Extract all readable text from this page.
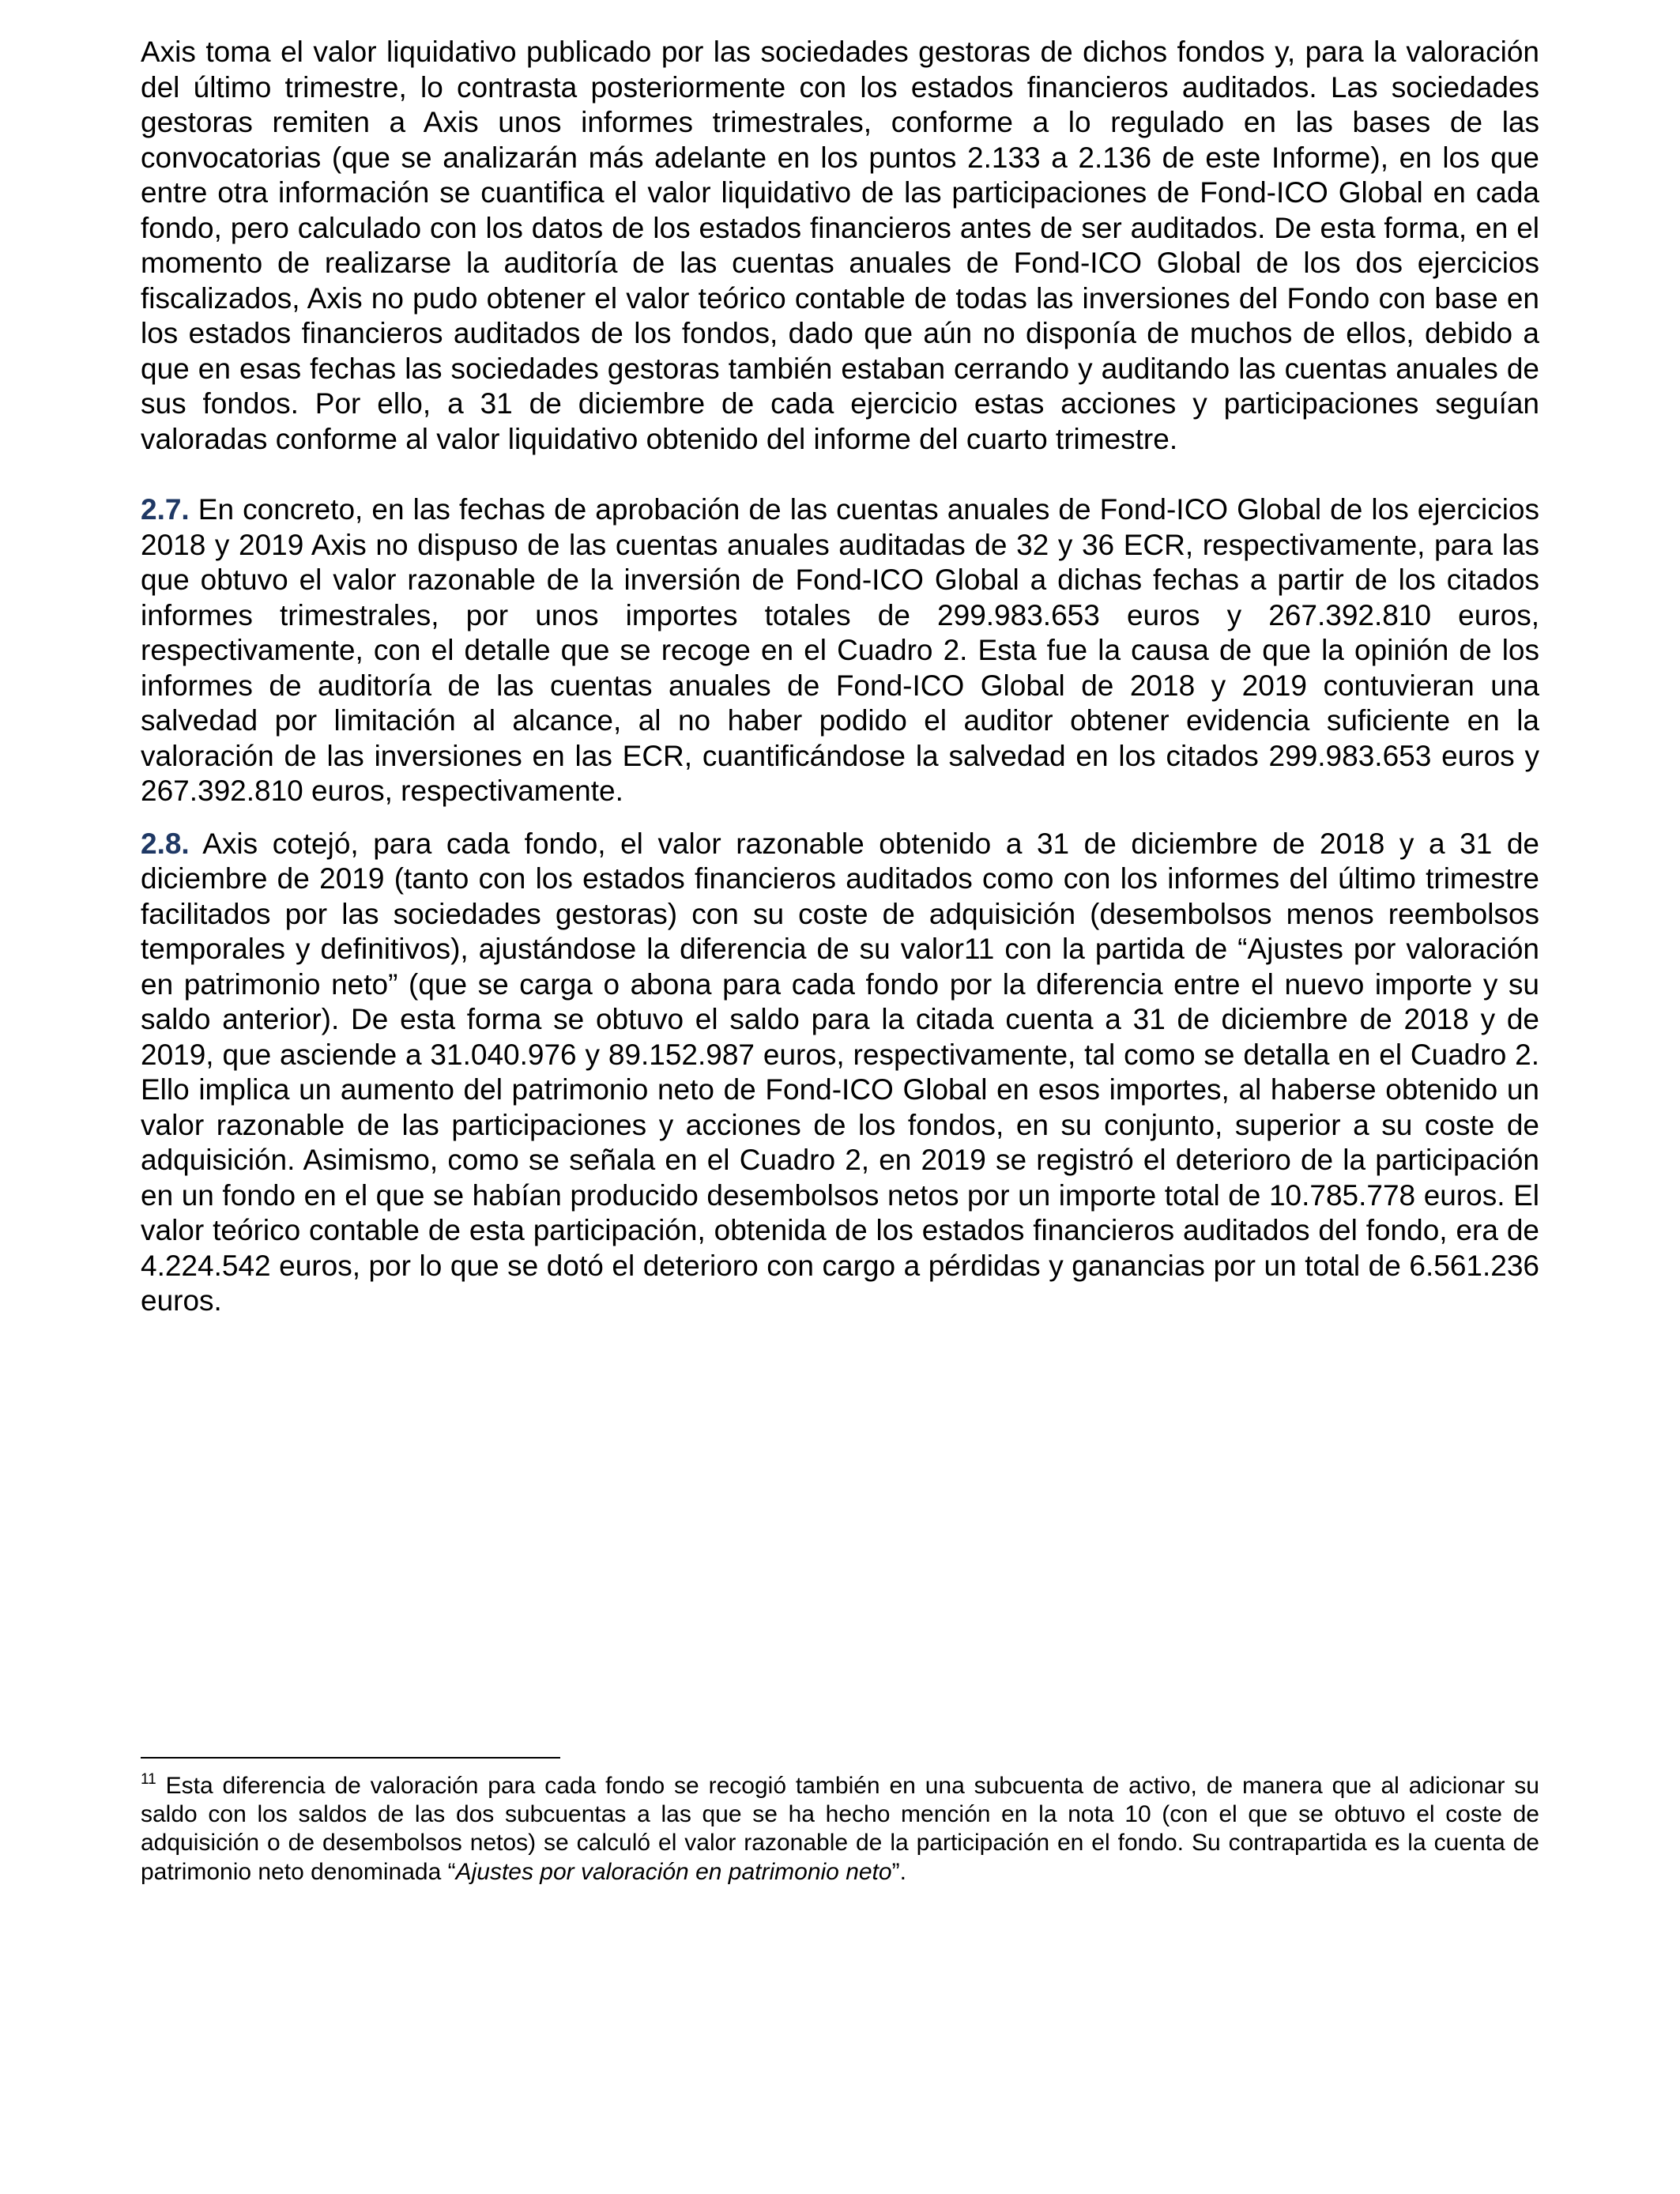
Axis toma el valor liquidativo publicado por las sociedades gestoras de dichos fondos y, para la valoración del último trimestre, lo contrasta posteriormente con los estados financieros auditados. Las sociedades gestoras remiten a Axis unos informes trimestrales, conforme a lo regulado en las bases de las convocatorias (que se analizarán más adelante en los puntos 2.133 a 2.136 de este Informe), en los que entre otra información se cuantifica el valor liquidativo de las participaciones de Fond-ICO Global en cada fondo, pero calculado con los datos de los estados financieros antes de ser auditados. De esta forma, en el momento de realizarse la auditoría de las cuentas anuales de Fond-ICO Global de los dos ejercicios fiscalizados, Axis no pudo obtener el valor teórico contable de todas las inversiones del Fondo con base en los estados financieros auditados de los fondos, dado que aún no disponía de muchos de ellos, debido a que en esas fechas las sociedades gestoras también estaban cerrando y auditando las cuentas anuales de sus fondos. Por ello, a 31 de diciembre de cada ejercicio estas acciones y participaciones seguían valoradas conforme al valor liquidativo obtenido del informe del cuarto trimestre.

2.7. En concreto, en las fechas de aprobación de las cuentas anuales de Fond-ICO Global de los ejercicios 2018 y 2019 Axis no dispuso de las cuentas anuales auditadas de 32 y 36 ECR, respectivamente, para las que obtuvo el valor razonable de la inversión de Fond-ICO Global a dichas fechas a partir de los citados informes trimestrales, por unos importes totales de 299.983.653 euros y 267.392.810 euros, respectivamente, con el detalle que se recoge en el Cuadro 2. Esta fue la causa de que la opinión de los informes de auditoría de las cuentas anuales de Fond-ICO Global de 2018 y 2019 contuvieran una salvedad por limitación al alcance, al no haber podido el auditor obtener evidencia suficiente en la valoración de las inversiones en las ECR, cuantificándose la salvedad en los citados 299.983.653 euros y 267.392.810 euros, respectivamente.

2.8. Axis cotejó, para cada fondo, el valor razonable obtenido a 31 de diciembre de 2018 y a 31 de diciembre de 2019 (tanto con los estados financieros auditados como con los informes del último trimestre facilitados por las sociedades gestoras) con su coste de adquisición (desembolsos menos reembolsos temporales y definitivos), ajustándose la diferencia de su valor11 con la partida de “Ajustes por valoración en patrimonio neto” (que se carga o abona para cada fondo por la diferencia entre el nuevo importe y su saldo anterior). De esta forma se obtuvo el saldo para la citada cuenta a 31 de diciembre de 2018 y de 2019, que asciende a 31.040.976 y 89.152.987 euros, respectivamente, tal como se detalla en el Cuadro 2. Ello implica un aumento del patrimonio neto de Fond-ICO Global en esos importes, al haberse obtenido un valor razonable de las participaciones y acciones de los fondos, en su conjunto, superior a su coste de adquisición. Asimismo, como se señala en el Cuadro 2, en 2019 se registró el deterioro de la participación en un fondo en el que se habían producido desembolsos netos por un importe total de 10.785.778 euros. El valor teórico contable de esta participación, obtenida de los estados financieros auditados del fondo, era de 4.224.542 euros, por lo que se dotó el deterioro con cargo a pérdidas y ganancias por un total de 6.561.236 euros.

$^{11}$ Esta diferencia de valoración para cada fondo se recogió también en una subcuenta de activo, de manera que al adicionar su saldo con los saldos de las dos subcuentas a las que se ha hecho mención en la nota 10 (con el que se obtuvo el coste de adquisición o de desembolsos netos) se calculó el valor razonable de la participación en el fondo. Su contrapartida es la cuenta de patrimonio neto denominada “Ajustes por valoración en patrimonio neto”.
